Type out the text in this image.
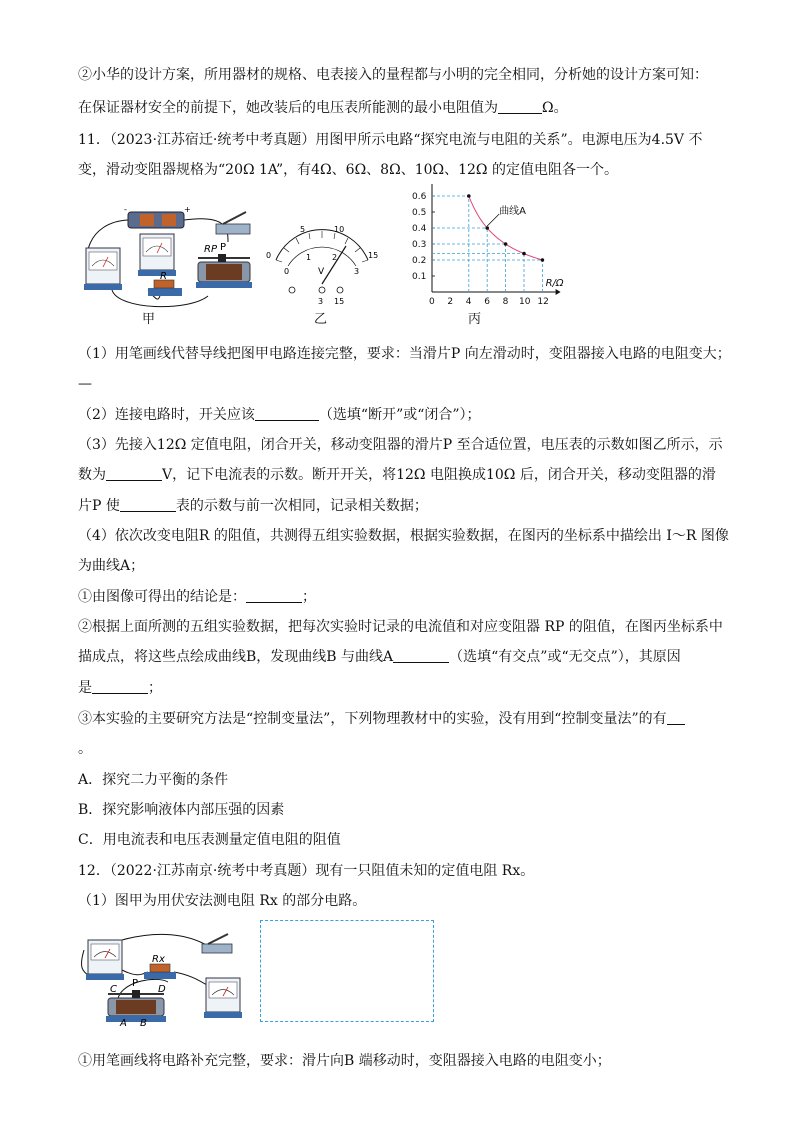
②小华的设计方案，所用器材的规格、电表接入的量程都与小明的完全相同，分析她的设计方案可知：
在保证器材安全的前提下，她改装后的电压表所能测的最小电阻值为	Ω。
11．（2023·江苏宿迁·统考中考真题）用图甲所示电路“探究电流与电阻的关系”。电源电压为4.5V 不
变，滑动变阻器规格为“20Ω 1A”，有4Ω、6Ω、8Ω、10Ω、12Ω 的定值电阻各一个。
-	+
R
RP P
甲
0
5	10
15
0
1	2
3
V
3 15
乙
0 2 4 6 8 10 12
0.1
0.2
0.3
0.4
0.5
0.6
R/Ω
曲线A
丙
（1）用笔画线代替导线把图甲电路连接完整，要求：当滑片P 向左滑动时，变阻器接入电路的电阻变大；
—
（2）连接电路时，开关应该	（选填“断开”或“闭合”）；
（3）先接入12Ω 定值电阻，闭合开关，移动变阻器的滑片P 至合适位置，电压表的示数如图乙所示，示
数为	V，记下电流表的示数。断开开关，将12Ω 电阻换成10Ω 后，闭合开关，移动变阻器的滑
片P 使	表的示数与前一次相同，记录相关数据；
（4）依次改变电阻R 的阻值，共测得五组实验数据，根据实验数据，在图丙的坐标系中描绘出 I～R 图像
为曲线A；
①由图像可得出的结论是：	；
②根据上面所测的五组实验数据，把每次实验时记录的电流值和对应变阻器 RP 的阻值，在图丙坐标系中
描成点，将这些点绘成曲线B，发现曲线B 与曲线A	（选填“有交点”或“无交点”），其原因
是	；
③本实验的主要研究方法是“控制变量法”，下列物理教材中的实验，没有用到“控制变量法”的有
。
A．探究二力平衡的条件
B．探究影响液体内部压强的因素
C．用电流表和电压表测量定值电阻的阻值
12．（2022·江苏南京·统考中考真题）现有一只阻值未知的定值电阻 Rx。
（1）图甲为用伏安法测电阻 Rx 的部分电路。
Rx
C
P
D
A B
①用笔画线将电路补充完整，要求：滑片向B 端移动时，变阻器接入电路的电阻变小；
